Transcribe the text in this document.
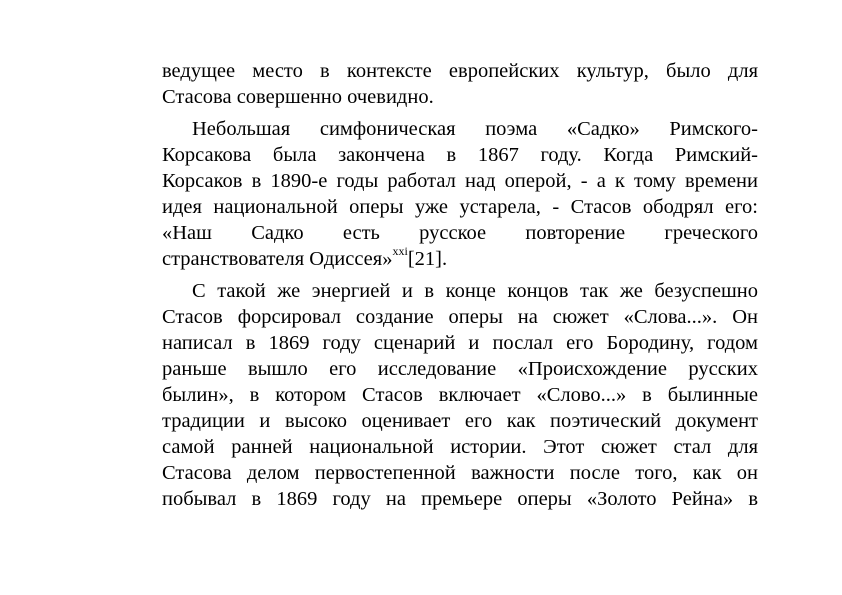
ведущее место в контексте европейских культур, было для
Стасова совершенно очевидно.
Небольшая симфоническая поэма «Садко» Римского-
Корсакова была закончена в 1867 году. Когда Римский-
Корсаков в 1890-е годы работал над оперой, - а к тому времени
идея национальной оперы уже устарела, - Стасов ободрял его:
«Наш Садко есть русское повторение греческого
странствователя Одиссея»$^{xxi}$[21].
С такой же энергией и в конце концов так же безуспешно
Стасов форсировал создание оперы на сюжет «Слова...». Он
написал в 1869 году сценарий и послал его Бородину, годом
раньше вышло его исследование «Происхождение русских
былин», в котором Стасов включает «Слово...» в былинные
традиции и высоко оценивает его как поэтический документ
самой ранней национальной истории. Этот сюжет стал для
Стасова делом первостепенной важности после того, как он
побывал в 1869 году на премьере оперы «Золото Рейна» в
